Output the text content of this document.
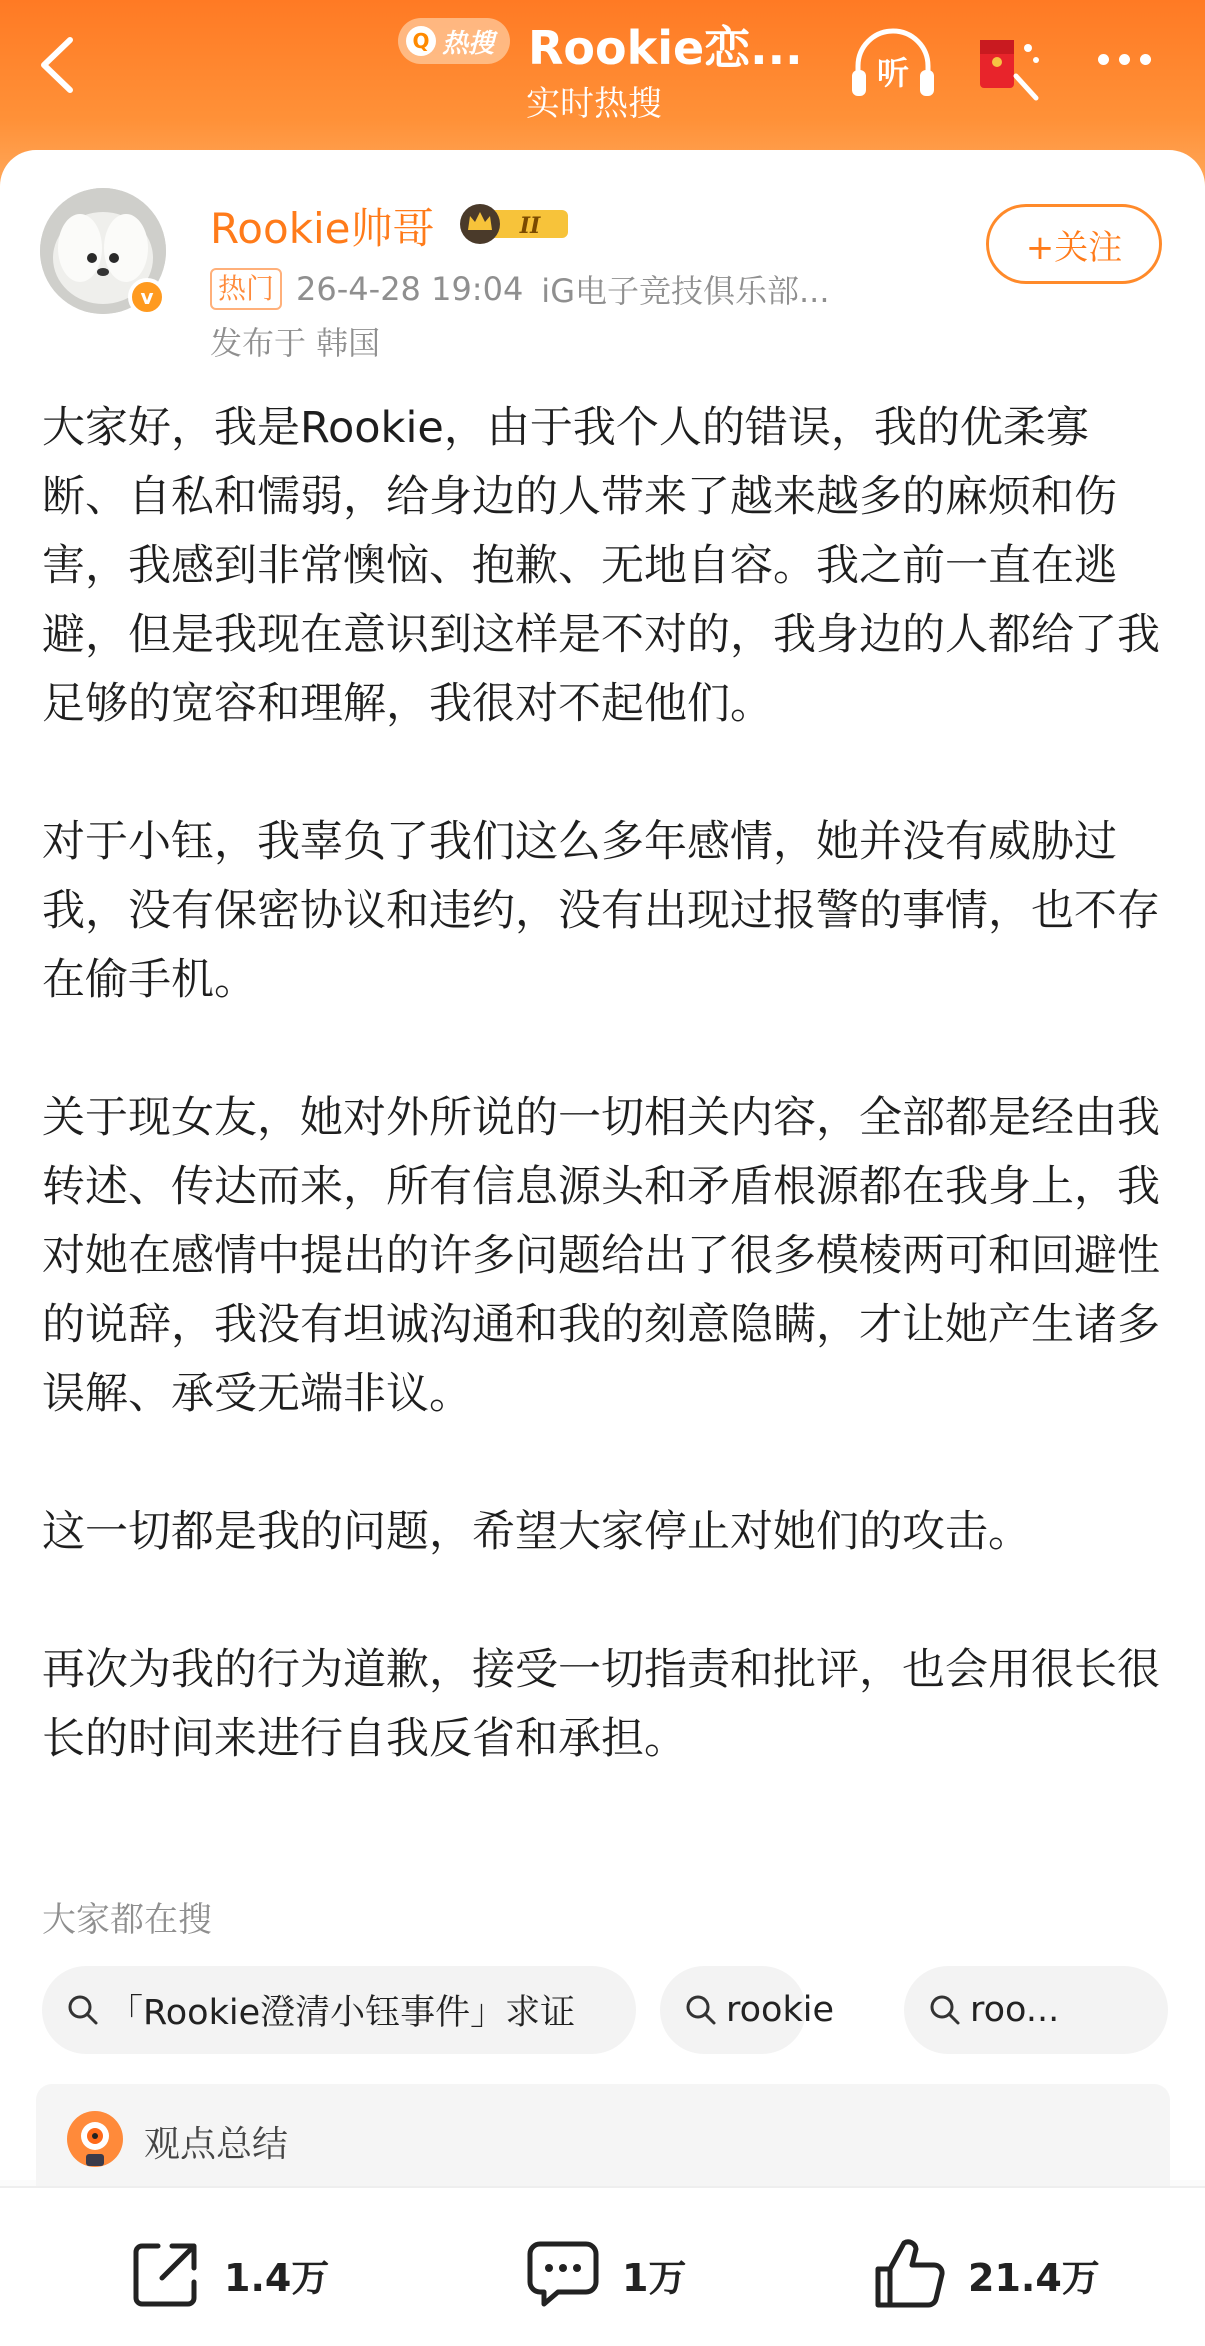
Q 热搜 Rookie恋...
实时热搜
听
v
Rookie帅哥	II
+关注
热门 26-4-28 19:04 iG电子竞技俱乐部...
发布于 韩国

大家好，我是Rookie，由于我个人的错误，我的优柔寡断、自私和懦弱，给身边的人带来了越来越多的麻烦和伤害，我感到非常懊恼、抱歉、无地自容。我之前一直在逃避，但是我现在意识到这样是不对的，我身边的人都给了我足够的宽容和理解，我很对不起他们。

对于小钰，我辜负了我们这么多年感情，她并没有威胁过我，没有保密协议和违约，没有出现过报警的事情，也不存在偷手机。

关于现女友，她对外所说的一切相关内容，全部都是经由我转述、传达而来，所有信息源头和矛盾根源都在我身上，我对她在感情中提出的许多问题给出了很多模棱两可和回避性的说辞，我没有坦诚沟通和我的刻意隐瞒，才让她产生诸多误解、承受无端非议。

这一切都是我的问题，希望大家停止对她们的攻击。

再次为我的行为道歉，接受一切指责和批评，也会用很长很长的时间来进行自我反省和承担。

大家都在搜
「Rookie澄清小钰事件」求证	rookie	roo...
观点总结
1.4万	1万	21.4万
